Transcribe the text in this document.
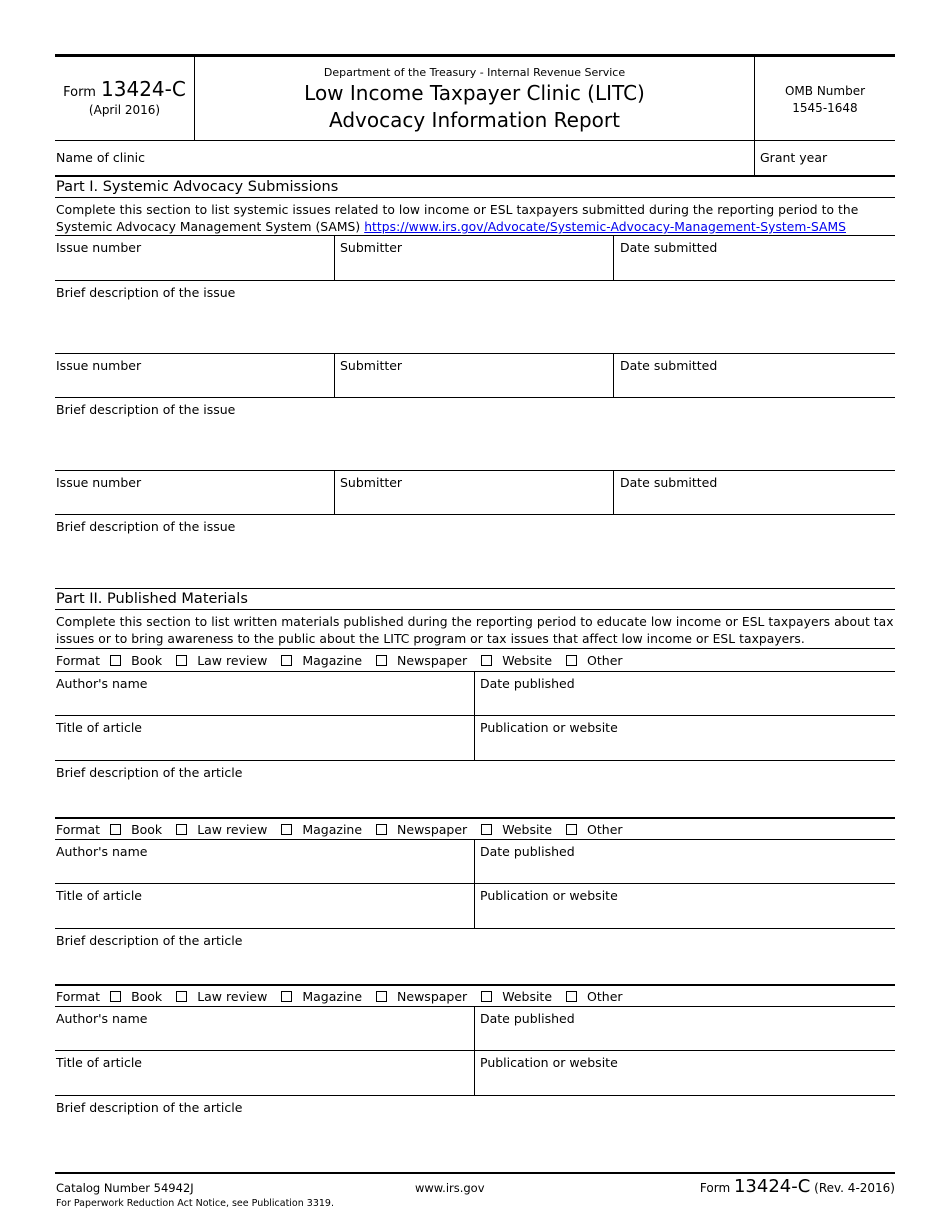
Form 13424-C
(April 2016)
Department of the Treasury - Internal Revenue Service
Low Income Taxpayer Clinic (LITC)
Advocacy Information Report
OMB Number
1545-1648
Name of clinic	Grant year
Part I. Systemic Advocacy Submissions
Complete this section to list systemic issues related to low income or ESL taxpayers submitted during the reporting period to the Systemic Advocacy Management System (SAMS) https://www.irs.gov/Advocate/Systemic-Advocacy-Management-System-SAMS
Issue number	Submitter	Date submitted
Brief description of the issue
Issue number	Submitter	Date submitted
Brief description of the issue
Issue number	Submitter	Date submitted
Brief description of the issue
Part II. Published Materials
Complete this section to list written materials published during the reporting period to educate low income or ESL taxpayers about tax issues or to bring awareness to the public about the LITC program or tax issues that affect low income or ESL taxpayers.
Format Book	Law review	Magazine	Newspaper	Website	Other
Author's name	Date published
Title of article	Publication or website
Brief description of the article
Format Book	Law review	Magazine	Newspaper	Website	Other
Author's name	Date published
Title of article	Publication or website
Brief description of the article
Format Book	Law review	Magazine	Newspaper	Website	Other
Author's name	Date published
Title of article	Publication or website
Brief description of the article
Catalog Number 54942J
For Paperwork Reduction Act Notice, see Publication 3319.
www.irs.gov	Form 13424-C (Rev. 4-2016)
